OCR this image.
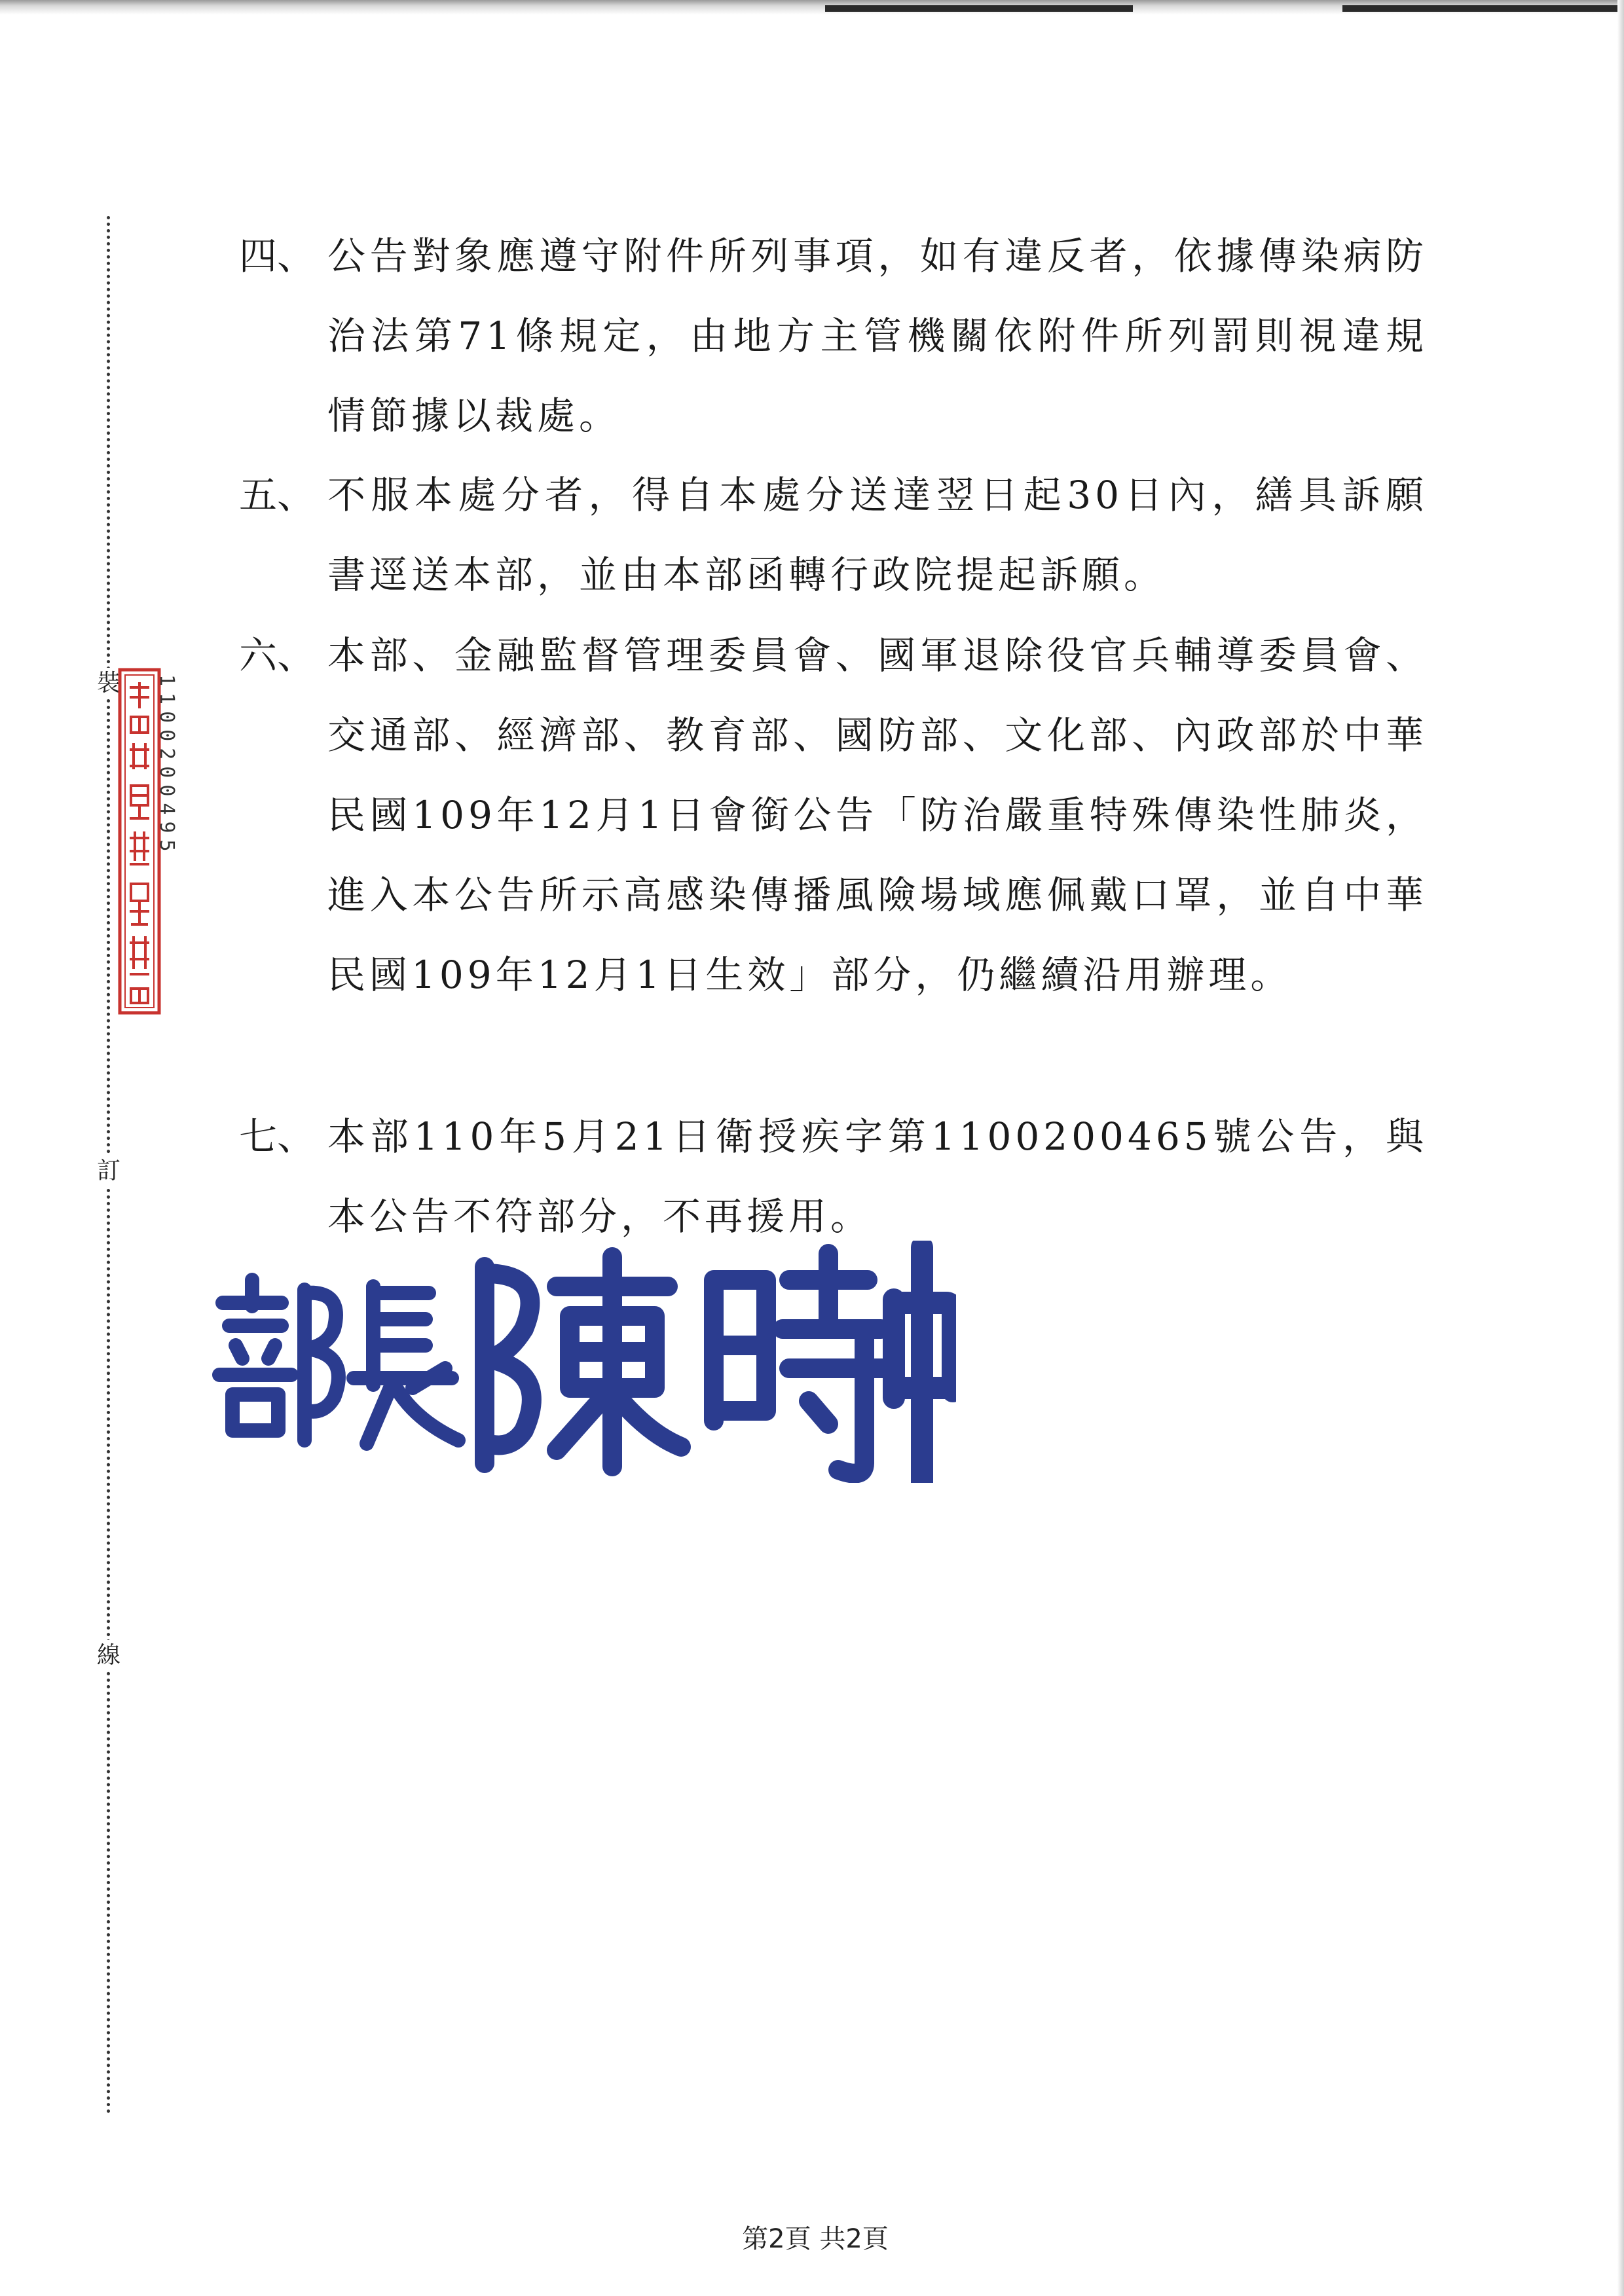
裝
訂
線
1100200495
四、 公告對象應遵守附件所列事項，如有違反者，依據傳染病防治法第71條規定，由地方主管機關依附件所列罰則視違規情節據以裁處。
五、 不服本處分者，得自本處分送達翌日起30日內，繕具訴願書逕送本部，並由本部函轉行政院提起訴願。
六、 本部、金融監督管理委員會、國軍退除役官兵輔導委員會、交通部、經濟部、教育部、國防部、文化部、內政部於中華民國109年12月1日會銜公告「防治嚴重特殊傳染性肺炎，進入本公告所示高感染傳播風險場域應佩戴口罩，並自中華民國109年12月1日生效」部分，仍繼續沿用辦理。
七、 本部110年5月21日衛授疾字第1100200465號公告，與本公告不符部分，不再援用。
第2頁 共2頁
